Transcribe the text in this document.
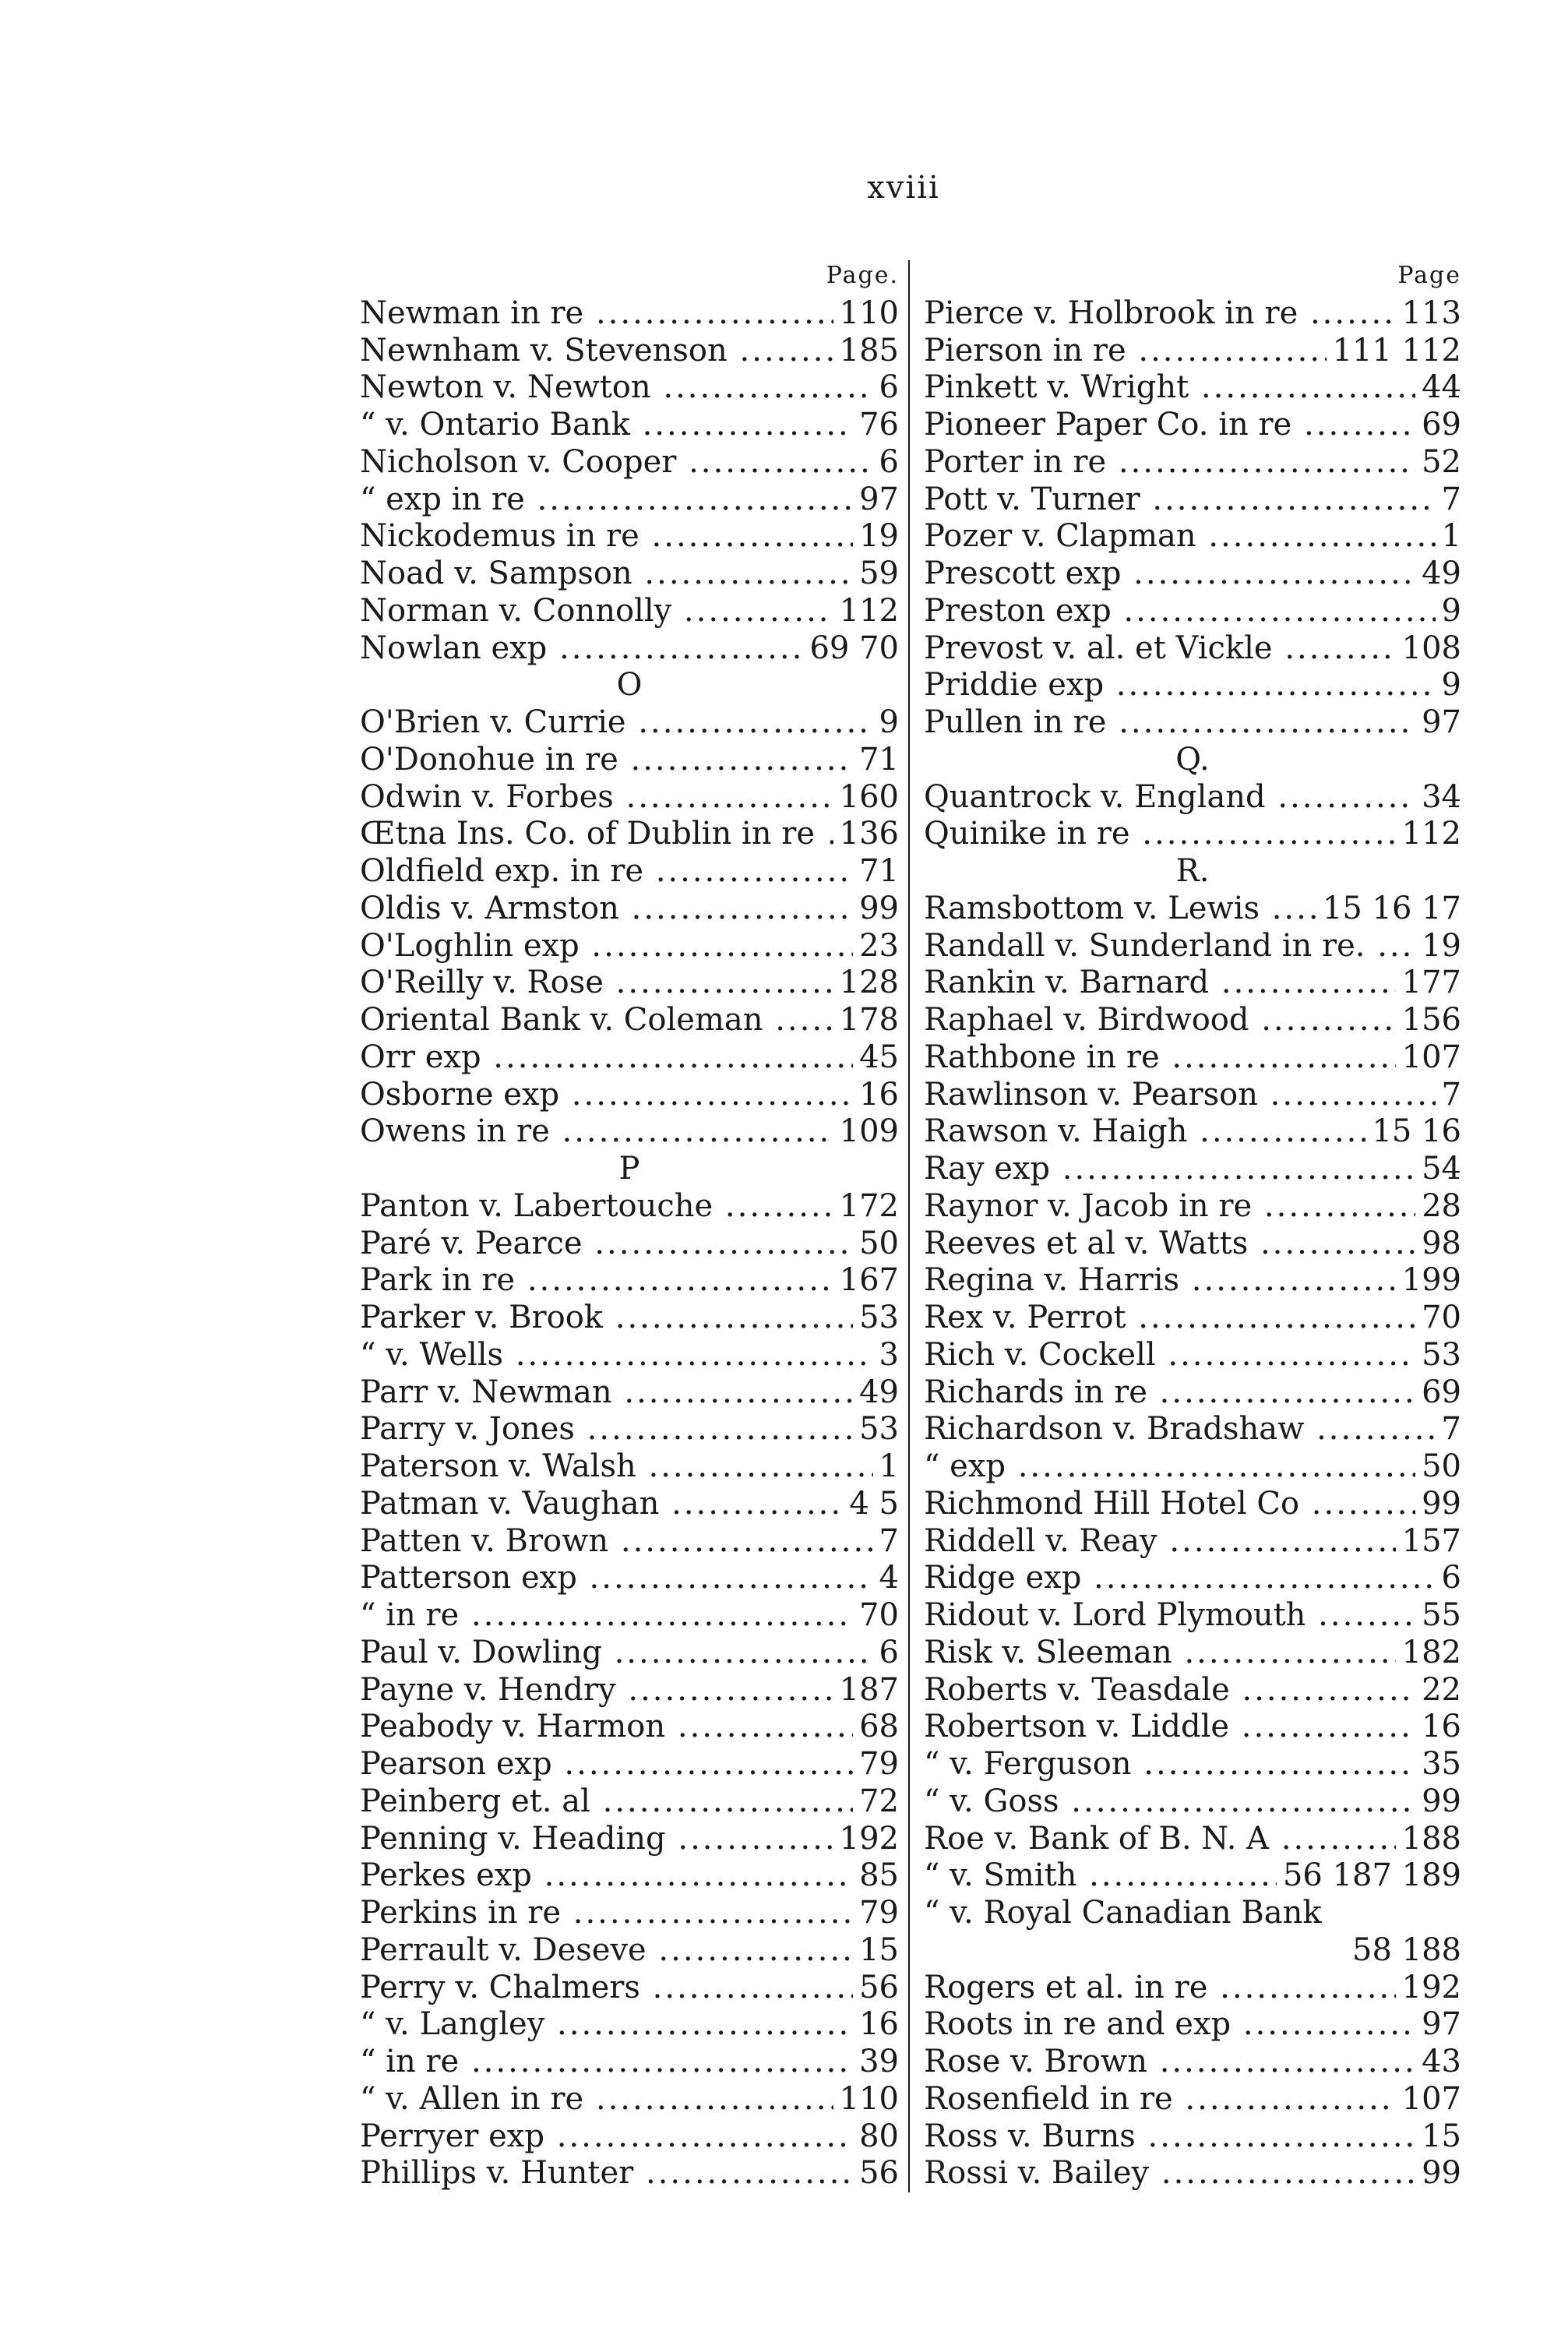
xviii
Page.
Newman in re .....	110
Newnham v. Stevenson .....	185
Newton v. Newton .....	6
“ v. Ontario Bank .....	76
Nicholson v. Cooper .....	6
“ exp in re .....	97
Nickodemus in re .....	19
Noad v. Sampson .....	59
Norman v. Connolly .....	112
Nowlan exp .....	69 70
O
O'Brien v. Currie .....	9
O'Donohue in re .....	71
Odwin v. Forbes .....	160
Œtna Ins. Co. of Dublin in re ..... 136
Oldfield exp. in re .....	71
Oldis v. Armston .....	99
O'Loghlin exp .....	23
O'Reilly v. Rose .....	128
Oriental Bank v. Coleman .....	178
Orr exp .....	45
Osborne exp .....	16
Owens in re .....	109
P
Panton v. Labertouche .....	172
Paré v. Pearce .....	50
Park in re .....	167
Parker v. Brook .....	53
“ v. Wells .....	3
Parr v. Newman .....	49
Parry v. Jones .....	53
Paterson v. Walsh .....	1
Patman v. Vaughan .....	4 5
Patten v. Brown .....	7
Patterson exp .....	4
“ in re .....	70
Paul v. Dowling .....	6
Payne v. Hendry .....	187
Peabody v. Harmon .....	68
Pearson exp .....	79
Peinberg et. al .....	72
Penning v. Heading .....	192
Perkes exp .....	85
Perkins in re .....	79
Perrault v. Deseve .....	15
Perry v. Chalmers .....	56
“ v. Langley .....	16
“ in re .....	39
“ v. Allen in re .....	110
Perryer exp .....	80
Phillips v. Hunter .....	56
Page
Pierce v. Holbrook in re .....	113
Pierson in re .....	111 112
Pinkett v. Wright .....	44
Pioneer Paper Co. in re .....	69
Porter in re .....	52
Pott v. Turner .....	7
Pozer v. Clapman .....	1
Prescott exp .....	49
Preston exp .....	9
Prevost v. al. et Vickle .....	108
Priddie exp .....	9
Pullen in re .....	97
Q.
Quantrock v. England .....	34
Quinike in re .....	112
R.
Ramsbottom v. Lewis .....	15 16 17
Randall v. Sunderland in re. .....	19
Rankin v. Barnard .....	177
Raphael v. Birdwood .....	156
Rathbone in re .....	107
Rawlinson v. Pearson .....	7
Rawson v. Haigh .....	15 16
Ray exp .....	54
Raynor v. Jacob in re .....	28
Reeves et al v. Watts .....	98
Regina v. Harris .....	199
Rex v. Perrot .....	70
Rich v. Cockell .....	53
Richards in re .....	69
Richardson v. Bradshaw .....	7
“ exp .....	50
Richmond Hill Hotel Co .....	99
Riddell v. Reay .....	157
Ridge exp .....	6
Ridout v. Lord Plymouth .....	55
Risk v. Sleeman .....	182
Roberts v. Teasdale .....	22
Robertson v. Liddle .....	16
“ v. Ferguson .....	35
“ v. Goss .....	99
Roe v. Bank of B. N. A .....	188
“ v. Smith .....	56 187 189
“ v. Royal Canadian Bank
58 188
Rogers et al. in re .....	192
Roots in re and exp .....	97
Rose v. Brown .....	43
Rosenfield in re .....	107
Ross v. Burns .....	15
Rossi v. Bailey .....	99
